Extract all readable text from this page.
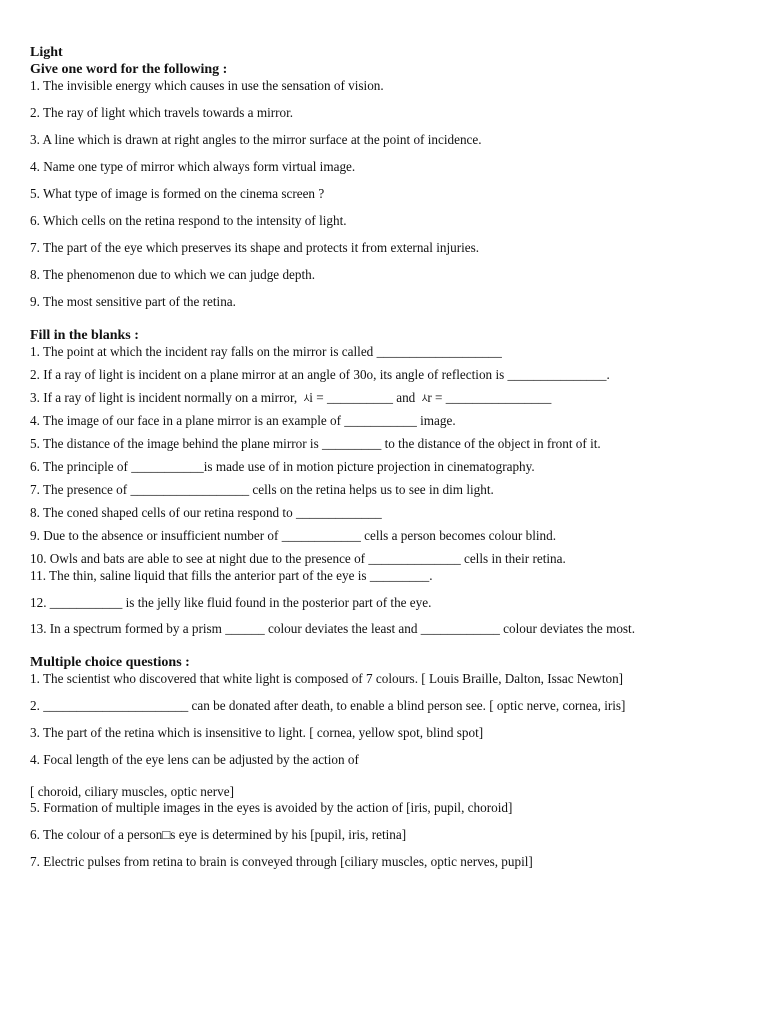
Light

Give one word for the following :

1. The invisible energy which causes in use the sensation of vision.

2. The ray of light which travels towards a mirror.

3. A line which is drawn at right angles to the mirror surface at the point of incidence.

4. Name one type of mirror which always form virtual image.

5. What type of image is formed on the cinema screen ?

6. Which cells on the retina respond to the intensity of light.

7. The part of the eye which preserves its shape and protects it from external injuries.

8. The phenomenon due to which we can judge depth.

9. The most sensitive part of the retina.

Fill in the blanks :

1. The point at which the incident ray falls on the mirror is called ___________________

2. If a ray of light is incident on a plane mirror at an angle of 30o, its angle of reflection is _______________.

3. If a ray of light is incident normally on a mirror, ⅄i = __________ and ⅄r = ________________

4. The image of our face in a plane mirror is an example of ___________ image.

5. The distance of the image behind the plane mirror is _________ to the distance of the object in front of it.

6. The principle of ___________is made use of in motion picture projection in cinematography.

7. The presence of __________________ cells on the retina helps us to see in dim light.

8. The coned shaped cells of our retina respond to _____________

9. Due to the absence or insufficient number of ____________ cells a person becomes colour blind.

10. Owls and bats are able to see at night due to the presence of ______________ cells in their retina.

11. The thin, saline liquid that fills the anterior part of the eye is _________.

12. ___________ is the jelly like fluid found in the posterior part of the eye.

13. In a spectrum formed by a prism ______ colour deviates the least and ____________ colour deviates the most.

Multiple choice questions :

1. The scientist who discovered that white light is composed of 7 colours. [ Louis Braille, Dalton, Issac Newton]

2. ______________________ can be donated after death, to enable a blind person see. [ optic nerve, cornea, iris]

3. The part of the retina which is insensitive to light. [ cornea, yellow spot, blind spot]

4. Focal length of the eye lens can be adjusted by the action of

[ choroid, ciliary muscles, optic nerve]

5. Formation of multiple images in the eyes is avoided by the action of [iris, pupil, choroid]

6. The colour of a person□s eye is determined by his [pupil, iris, retina]

7. Electric pulses from retina to brain is conveyed through [ciliary muscles, optic nerves, pupil]
